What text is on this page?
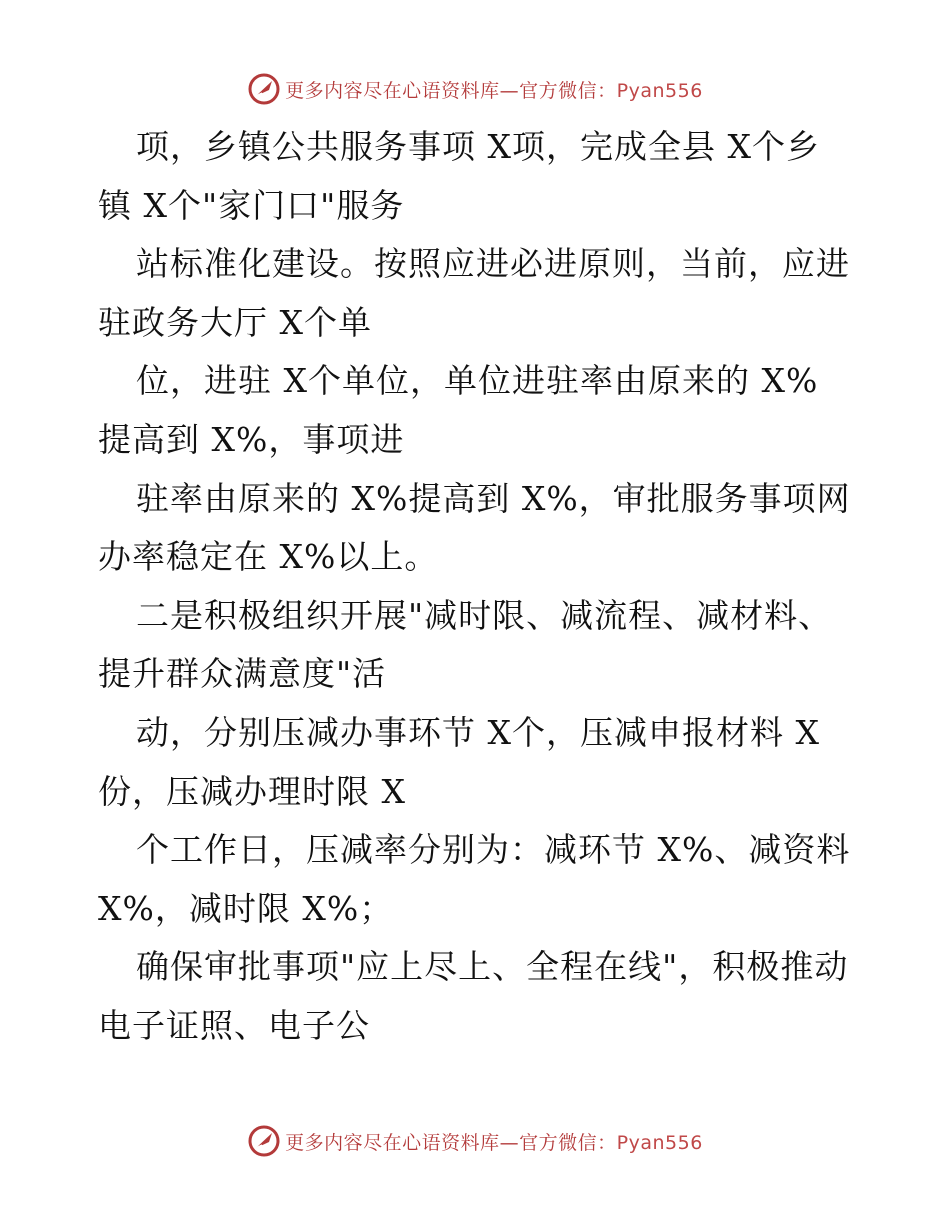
更多内容尽在心语资料库—官方微信：Pyan556
项，乡镇公共服务事项 X项，完成全县 X个乡
镇 X个"家门口"服务
站标准化建设。按照应进必进原则，当前，应进
驻政务大厅 X个单
位，进驻 X个单位，单位进驻率由原来的 X%
提高到 X%，事项进
驻率由原来的 X%提高到 X%，审批服务事项网
办率稳定在 X%以上。
二是积极组织开展"减时限、减流程、减材料、
提升群众满意度"活
动，分别压减办事环节 X个，压减申报材料 X
份，压减办理时限 X
个工作日，压减率分别为：减环节 X%、减资料
X%，减时限 X%；
确保审批事项"应上尽上、全程在线"，积极推动
电子证照、电子公
更多内容尽在心语资料库—官方微信：Pyan556
